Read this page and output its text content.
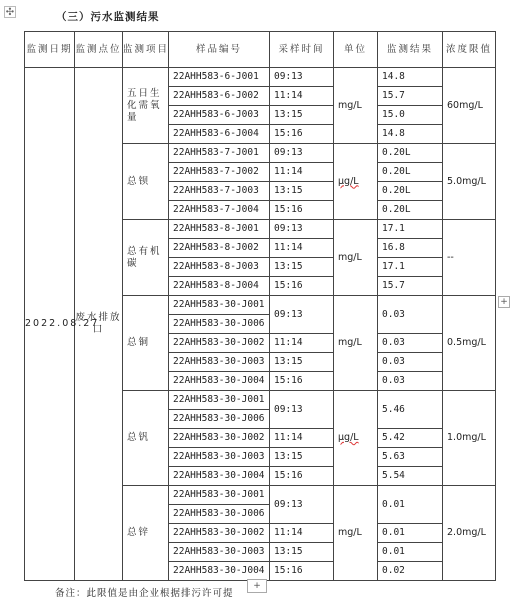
✣	（三）污水监测结果
监测日期	监测点位	监测项目	样品编号	采样时间	单位	监测结果	浓度限值
2022.08.27	废水排放口	五日生化需氧量	22AHH583-6-J001	09:13	mg/L	14.8	60mg/L
			22AHH583-6-J002	11:14		15.7	
			22AHH583-6-J003	13:15		15.0	
			22AHH583-6-J004	15:16		14.8	
		总钡	22AHH583-7-J001	09:13	μg/L	0.20L	5.0mg/L
			22AHH583-7-J002	11:14		0.20L	
			22AHH583-7-J003	13:15		0.20L	
			22AHH583-7-J004	15:16		0.20L	
		总有机碳	22AHH583-8-J001	09:13	mg/L	17.1	--
			22AHH583-8-J002	11:14		16.8	
			22AHH583-8-J003	13:15		17.1	
			22AHH583-8-J004	15:16		15.7	
		总铜	22AHH583-30-J001	09:13	mg/L	0.03	0.5mg/L
			22AHH583-30-J006				
			22AHH583-30-J002	11:14		0.03	
			22AHH583-30-J003	13:15		0.03	
			22AHH583-30-J004	15:16		0.03	
		总钒	22AHH583-30-J001	09:13	μg/L	5.46	1.0mg/L
			22AHH583-30-J006				
			22AHH583-30-J002	11:14		5.42	
			22AHH583-30-J003	13:15		5.63	
			22AHH583-30-J004	15:16		5.54	
		总锌	22AHH583-30-J001	09:13	mg/L	0.01	2.0mg/L
			22AHH583-30-J006				
			22AHH583-30-J002	11:14		0.01	
			22AHH583-30-J003	13:15		0.01	
			22AHH583-30-J004	15:16		0.02	
+
+
备注：此限值是由企业根据排污许可提
